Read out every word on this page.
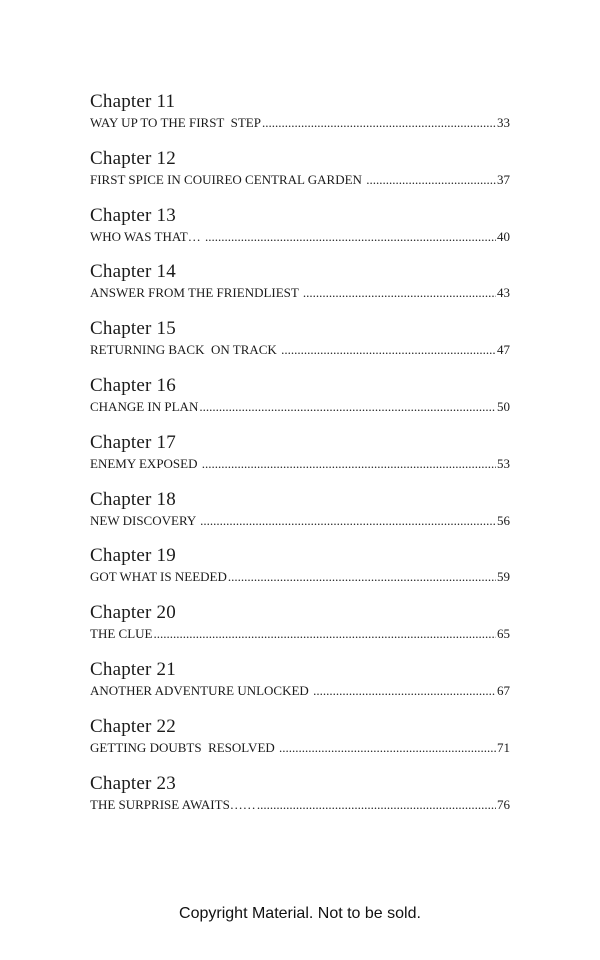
Chapter 11
WAY UP TO THE FIRST  STEP .....	33
Chapter 12
FIRST SPICE IN COUIREO CENTRAL GARDEN .....	37
Chapter 13
WHO WAS THAT… .....	40
Chapter 14
ANSWER FROM THE FRIENDLIEST .....	43
Chapter 15
RETURNING BACK  ON TRACK .....	47
Chapter 16
CHANGE IN PLAN .....	50
Chapter 17
ENEMY EXPOSED .....	53
Chapter 18
NEW DISCOVERY .....	56
Chapter 19
GOT WHAT IS NEEDED .....	59
Chapter 20
THE CLUE .....	65
Chapter 21
ANOTHER ADVENTURE UNLOCKED .....	67
Chapter 22
GETTING DOUBTS  RESOLVED .....	71
Chapter 23
THE SURPRISE AWAITS…… .....	76
Copyright Material. Not to be sold.
